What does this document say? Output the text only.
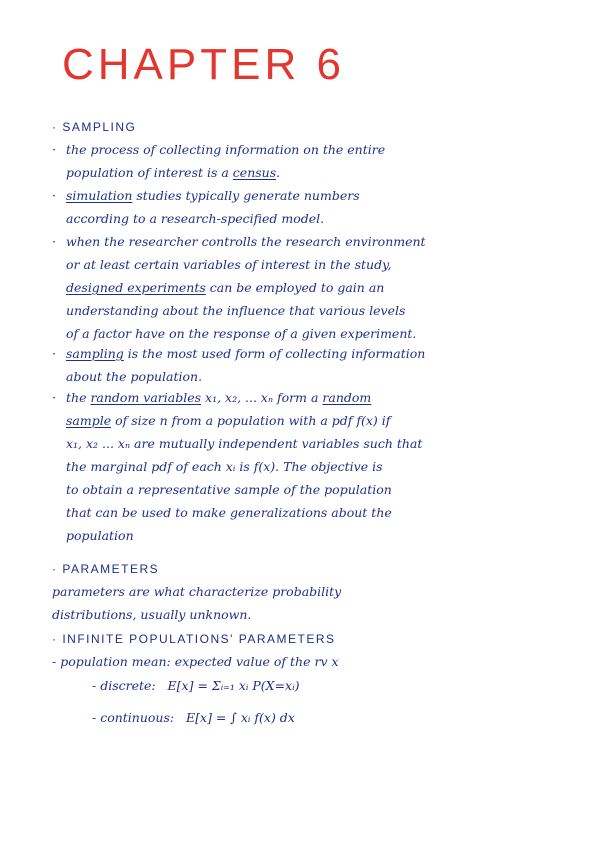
CHAPTER 6
· SAMPLING
· the process of collecting information on the entire
population of interest is a census.
· simulation studies typically generate numbers
according to a research-specified model.
· when the researcher controlls the research environment
or at least certain variables of interest in the study,
designed experiments can be employed to gain an
understanding about the influence that various levels
of a factor have on the response of a given experiment.
· sampling is the most used form of collecting information
about the population.
· the random variables x₁, x₂, ... xₙ form a random
sample of size n from a population with a pdf f(x) if
x₁, x₂ ... xₙ are mutually independent variables such that
the marginal pdf of each xᵢ is f(x). The objective is
to obtain a representative sample of the population
that can be used to make generalizations about the
population
· PARAMETERS
parameters are what characterize probability
distributions, usually unknown.
· INFINITE POPULATIONS' PARAMETERS
- population mean: expected value of the rv x
- discrete: E[x] = Σᵢ₌₁ xᵢ P(X=xᵢ)
- continuous: E[x] = ∫ xᵢ f(x) dx
